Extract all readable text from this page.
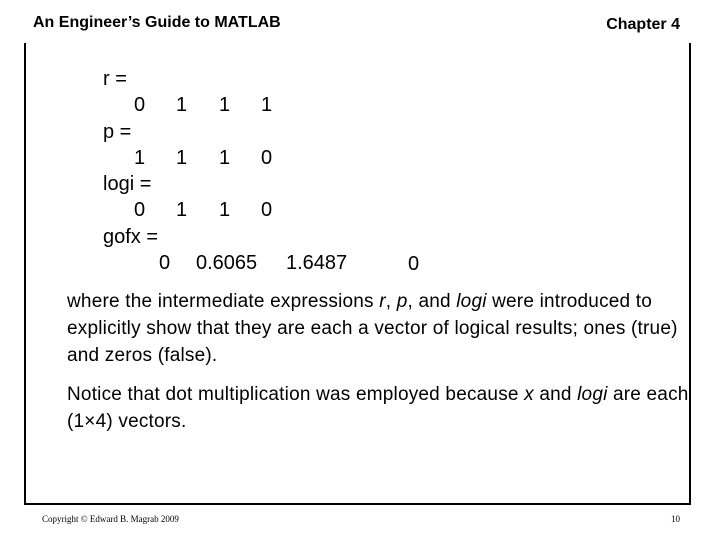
An Engineer’s Guide to MATLAB	Chapter 4
r =
0 1 1 1
p =
1 1 1 0
logi =
0 1 1 0
gofx =
0 0.6065 1.6487	0
where the intermediate expressions r, p, and logi were introduced to explicitly show that they are each a vector of logical results; ones (true) and zeros (false).
Notice that dot multiplication was employed because x and logi are each (1×4) vectors.
Copyright © Edward B. Magrab 2009	10
